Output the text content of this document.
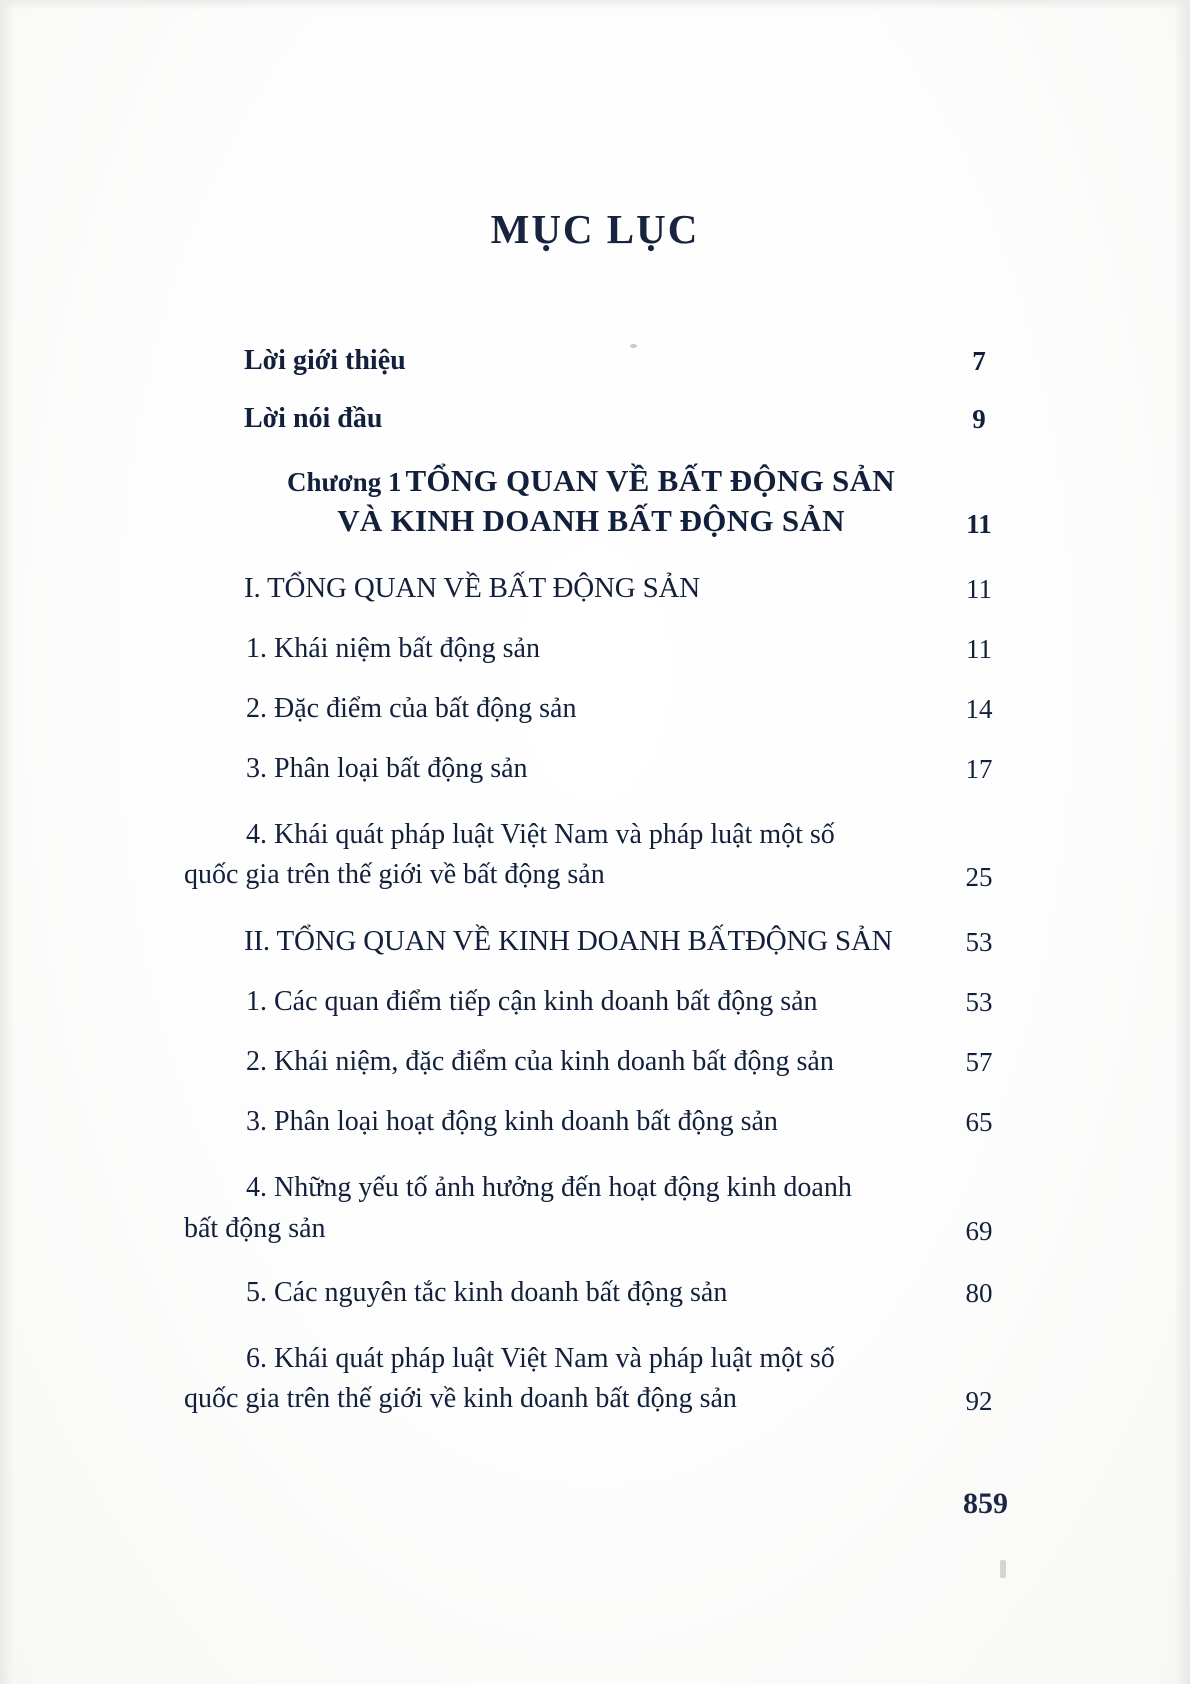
MỤC LỤC
Lời giới thiệu	7
Lời nói đầu	9
Chương 1 TỔNG QUAN VỀ BẤT ĐỘNG SẢN VÀ KINH DOANH BẤT ĐỘNG SẢN	11
I. TỔNG QUAN VỀ BẤT ĐỘNG SẢN	11
1. Khái niệm bất động sản	11
2. Đặc điểm của bất động sản	14
3. Phân loại bất động sản	17
4. Khái quát pháp luật Việt Nam và pháp luật một số
quốc gia trên thế giới về bất động sản	25
II. TỔNG QUAN VỀ KINH DOANH BẤTĐỘNG SẢN	53
1. Các quan điểm tiếp cận kinh doanh bất động sản	53
2. Khái niệm, đặc điểm của kinh doanh bất động sản	57
3. Phân loại hoạt động kinh doanh bất động sản	65
4. Những yếu tố ảnh hưởng đến hoạt động kinh doanh
bất động sản	69
5. Các nguyên tắc kinh doanh bất động sản	80
6. Khái quát pháp luật Việt Nam và pháp luật một số
quốc gia trên thế giới về kinh doanh bất động sản	92
859
